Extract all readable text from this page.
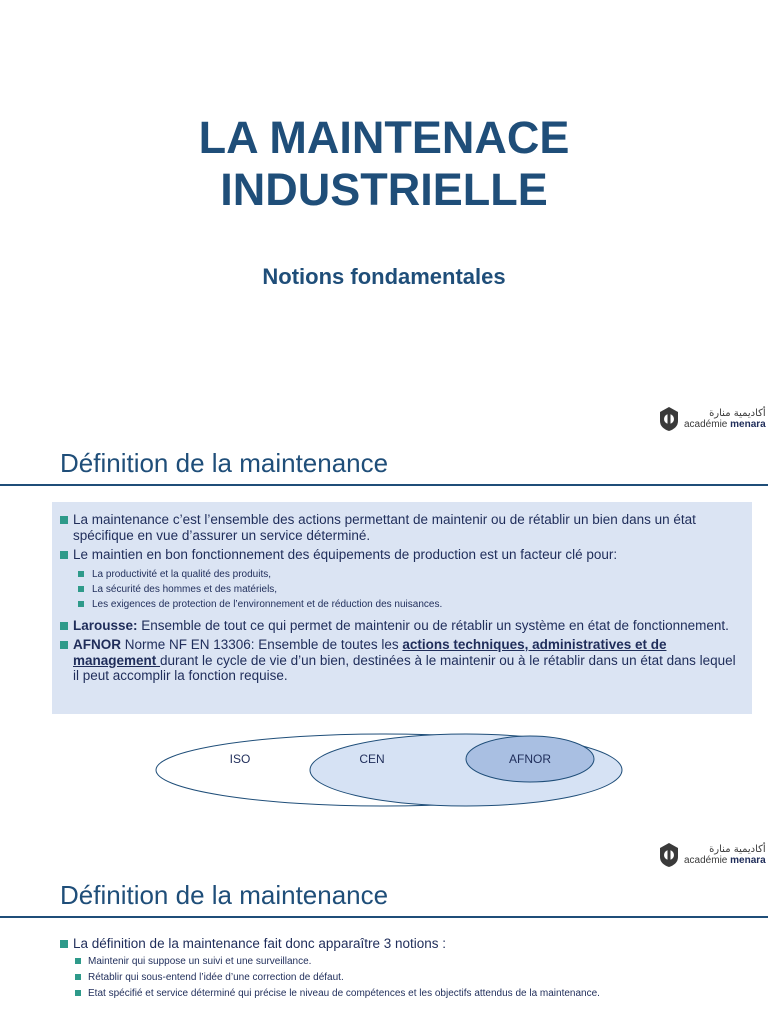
LA MAINTENACE
INDUSTRIELLE
Notions fondamentales
أكاديمية منارة
académie menara
Définition de la maintenance
La maintenance c’est l’ensemble des actions permettant de maintenir ou de rétablir un bien dans un état spécifique en vue d’assurer un service déterminé.
Le maintien en bon fonctionnement des équipements de production est un facteur clé pour:
La productivité et la qualité des produits,
La sécurité des hommes et des matériels,
Les exigences de protection de l’environnement et de réduction des nuisances.
Larousse: Ensemble de tout ce qui permet de maintenir ou de rétablir un système en état de fonctionnement.
AFNOR Norme NF EN 13306: Ensemble de toutes les actions techniques, administratives et de management durant le cycle de vie d’un bien, destinées à le maintenir ou à le rétablir dans un état dans lequel il peut accomplir la fonction requise.
ISO	CEN	AFNOR
أكاديمية منارة
académie menara
Définition de la maintenance
La définition de la maintenance fait donc apparaître 3 notions :
Maintenir qui suppose un suivi et une surveillance.
Rétablir qui sous-entend l’idée d’une correction de défaut.
Etat spécifié et service déterminé qui précise le niveau de compétences et les objectifs attendus de la maintenance.
